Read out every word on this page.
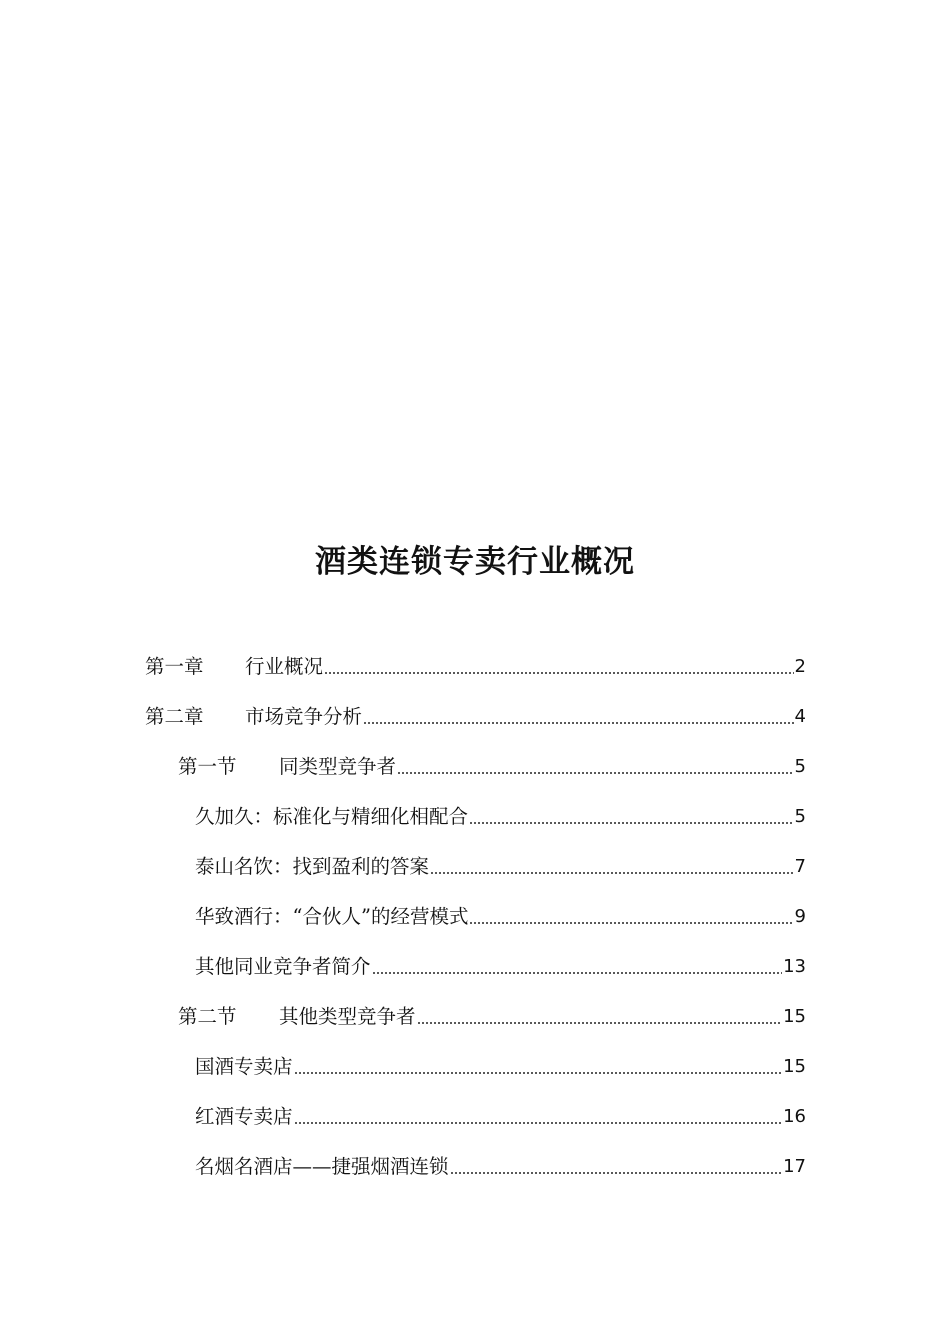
酒类连锁专卖行业概况
第一章	行业概况	2
第二章	市场竞争分析	4
第一节	同类型竞争者	5
久加久：标准化与精细化相配合	5
泰山名饮：找到盈利的答案	7
华致酒行：“合伙人”的经营模式	9
其他同业竞争者简介	13
第二节	其他类型竞争者	15
国酒专卖店	15
红酒专卖店	16
名烟名酒店——捷强烟酒连锁	17
